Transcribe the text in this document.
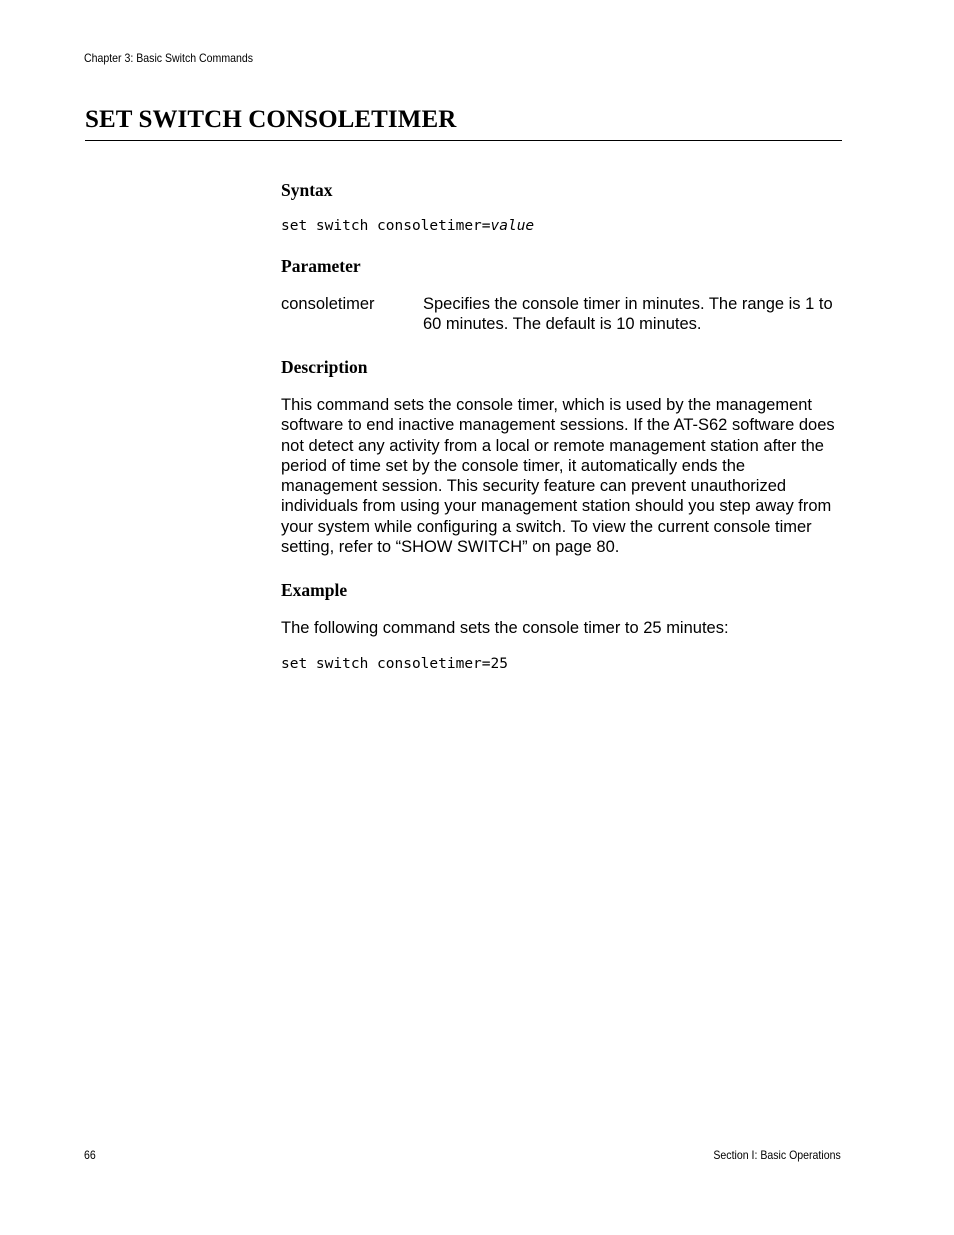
Chapter 3: Basic Switch Commands
SET SWITCH CONSOLETIMER
Syntax
set switch consoletimer=value
Parameter
consoletimer	Specifies the console timer in minutes. The range is 1 to 60 minutes. The default is 10 minutes.
Description
This command sets the console timer, which is used by the management software to end inactive management sessions. If the AT-S62 software does not detect any activity from a local or remote management station after the period of time set by the console timer, it automatically ends the management session. This security feature can prevent unauthorized individuals from using your management station should you step away from your system while configuring a switch. To view the current console timer setting, refer to “SHOW SWITCH” on page 80.
Example
The following command sets the console timer to 25 minutes:
set switch consoletimer=25
66	Section I: Basic Operations
